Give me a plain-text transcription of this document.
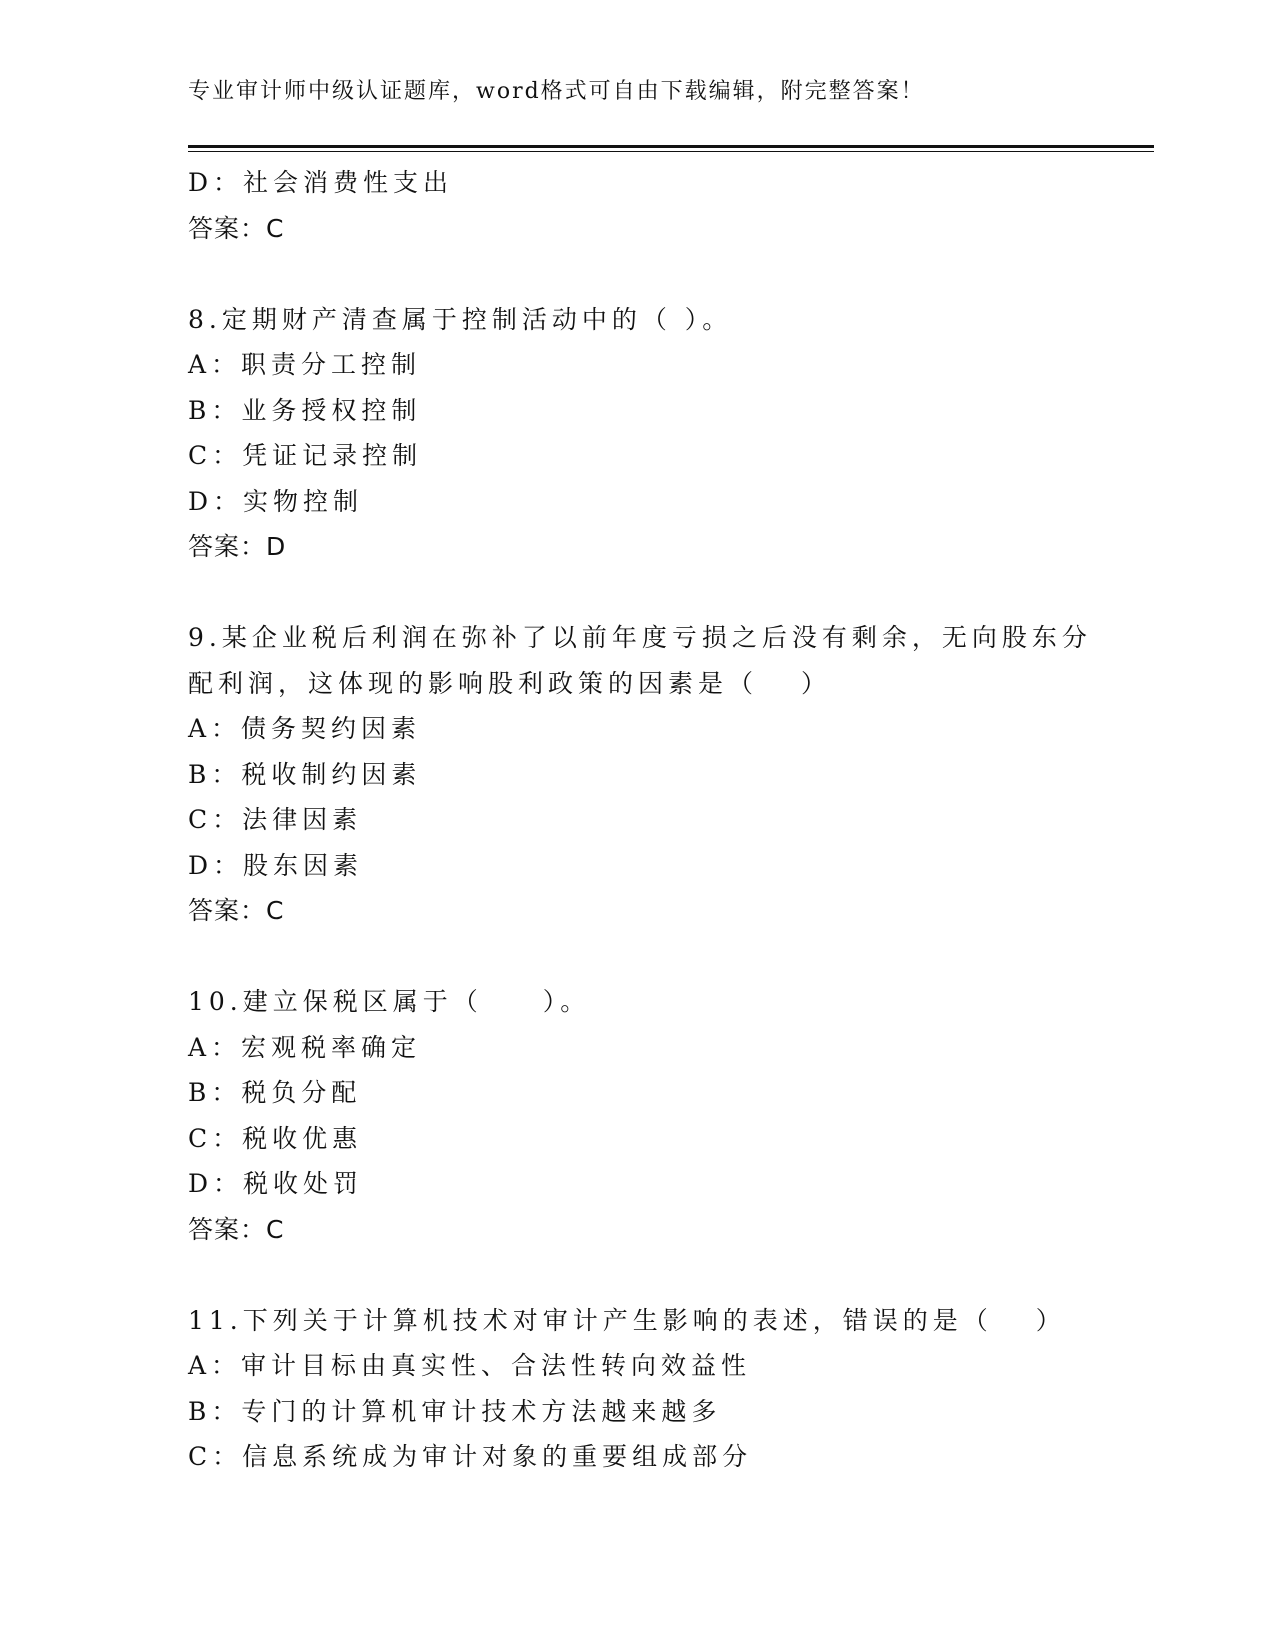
专业审计师中级认证题库，word格式可自由下载编辑，附完整答案！
D：社会消费性支出
答案：C
8.定期财产清查属于控制活动中的（ ）。
A：职责分工控制
B：业务授权控制
C：凭证记录控制
D：实物控制
答案：D
9.某企业税后利润在弥补了以前年度亏损之后没有剩余，无向股东分
配利润，这体现的影响股利政策的因素是（　 ）
A：债务契约因素
B：税收制约因素
C：法律因素
D：股东因素
答案：C
10.建立保税区属于（　　）。
A：宏观税率确定
B：税负分配
C：税收优惠
D：税收处罚
答案：C
11.下列关于计算机技术对审计产生影响的表述，错误的是（　 ）
A：审计目标由真实性、合法性转向效益性
B：专门的计算机审计技术方法越来越多
C：信息系统成为审计对象的重要组成部分
